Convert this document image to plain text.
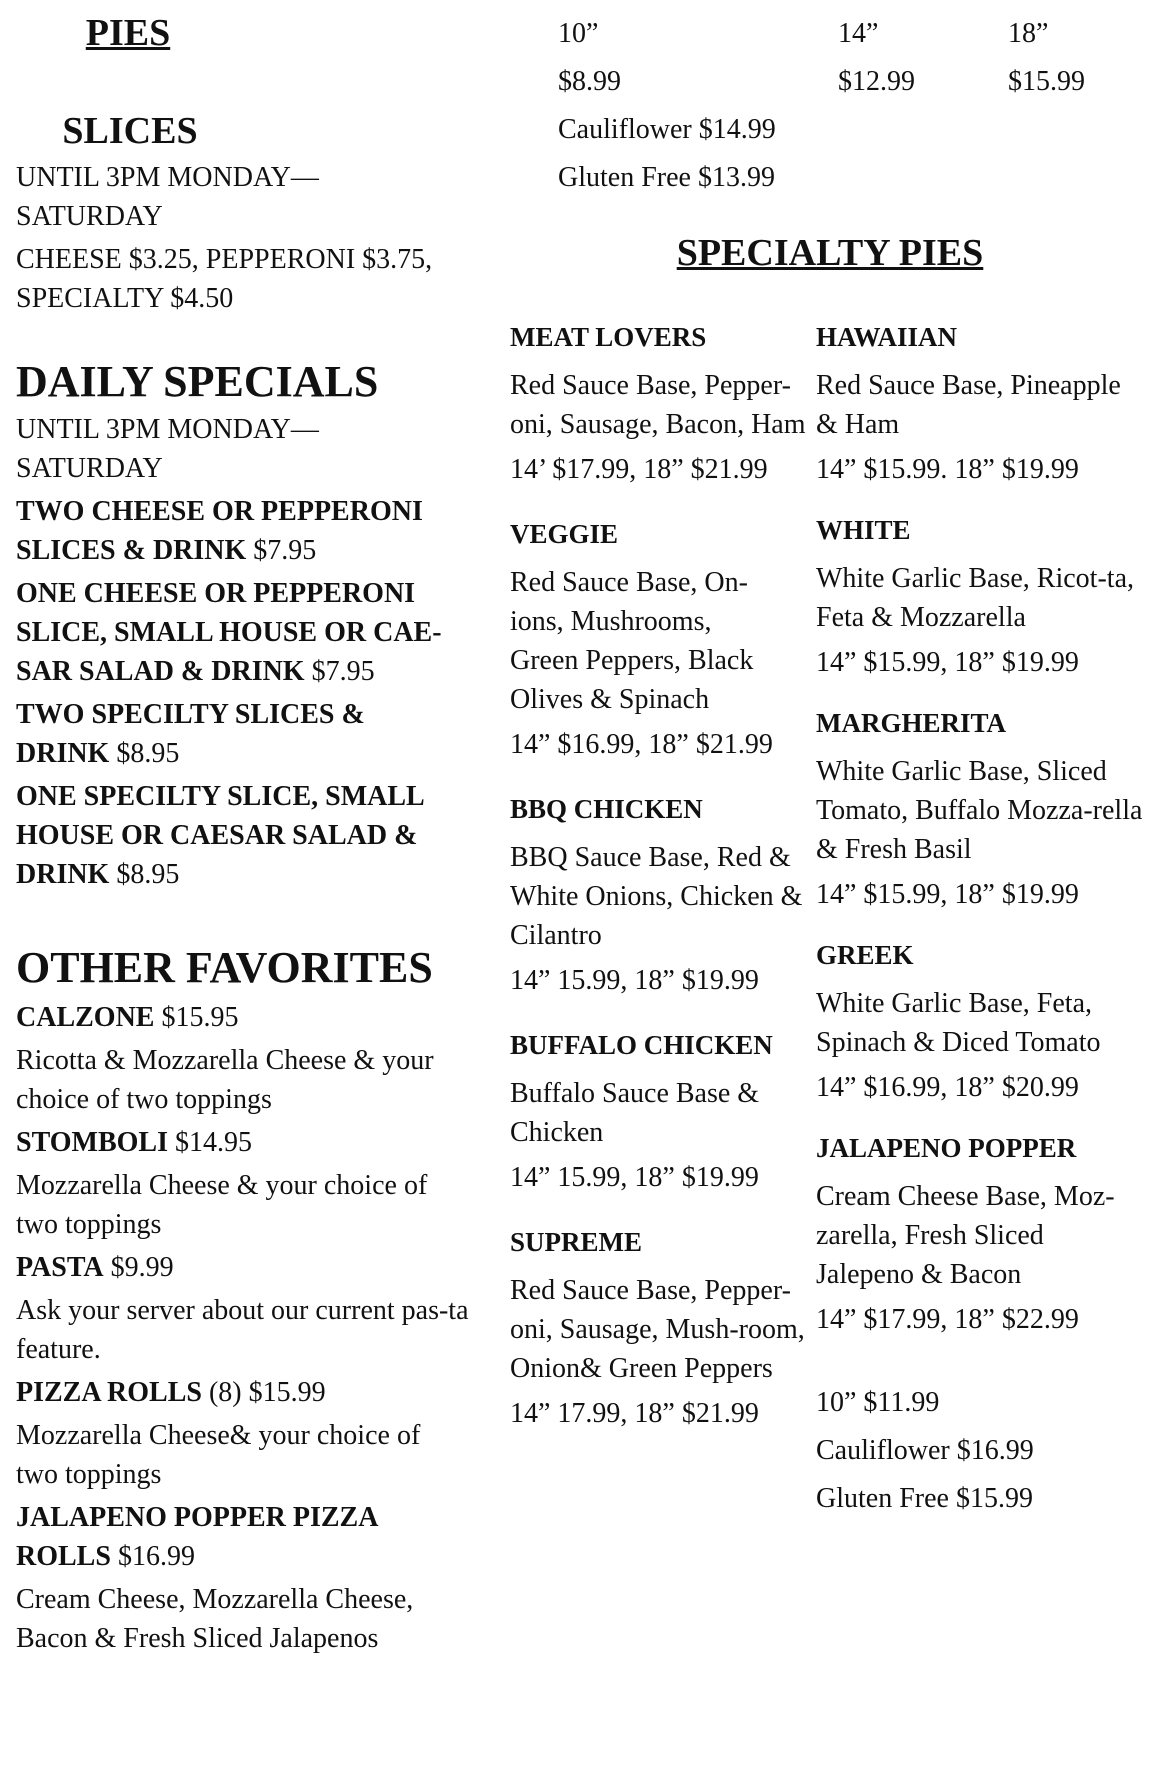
PIES

SLICES

UNTIL 3PM MONDAY— SATURDAY

CHEESE $3.25, PEPPERONI $3.75, SPECIALTY $4.50

DAILY SPECIALS

UNTIL 3PM MONDAY— SATURDAY

TWO CHEESE OR PEPPERONI SLICES & DRINK $7.95

ONE CHEESE OR PEPPERONI SLICE, SMALL HOUSE OR CAE-SAR SALAD & DRINK $7.95

TWO SPECILTY SLICES & DRINK $8.95

ONE SPECILTY SLICE, SMALL HOUSE OR CAESAR SALAD & DRINK $8.95

OTHER FAVORITES

CALZONE $15.95

Ricotta & Mozzarella Cheese & your choice of two toppings

STOMBOLI $14.95

Mozzarella Cheese & your choice of two toppings

PASTA $9.99

Ask your server about our current pas-ta feature.

PIZZA ROLLS (8) $15.99

Mozzarella Cheese& your choice of two toppings

JALAPENO POPPER PIZZA ROLLS $16.99

Cream Cheese, Mozzarella Cheese, Bacon & Fresh Sliced Jalapenos

10”	14”	18”
$8.99	$12.99	$15.99

Cauliflower $14.99

Gluten Free $13.99

SPECIALTY PIES

MEAT LOVERS

Red Sauce Base, Pepper-oni, Sausage, Bacon, Ham

14’ $17.99, 18” $21.99

VEGGIE

Red Sauce Base, On-ions, Mushrooms, Green Peppers, Black Olives & Spinach

14” $16.99, 18” $21.99

BBQ CHICKEN

BBQ Sauce Base, Red & White Onions, Chicken & Cilantro

14” 15.99, 18” $19.99

BUFFALO CHICKEN

Buffalo Sauce Base & Chicken

14” 15.99, 18” $19.99

SUPREME

Red Sauce Base, Pepper-oni, Sausage, Mush-room, Onion& Green Peppers

14” 17.99, 18” $21.99

HAWAIIAN

Red Sauce Base, Pineapple & Ham

14” $15.99. 18” $19.99

WHITE

White Garlic Base, Ricot-ta, Feta & Mozzarella

14” $15.99, 18” $19.99

MARGHERITA

White Garlic Base, Sliced Tomato, Buffalo Mozza-rella & Fresh Basil

14” $15.99, 18” $19.99

GREEK

White Garlic Base, Feta, Spinach & Diced Tomato

14” $16.99, 18” $20.99

JALAPENO POPPER

Cream Cheese Base, Moz-zarella, Fresh Sliced Jalepeno & Bacon

14” $17.99, 18” $22.99

10” $11.99

Cauliflower $16.99

Gluten Free $15.99
